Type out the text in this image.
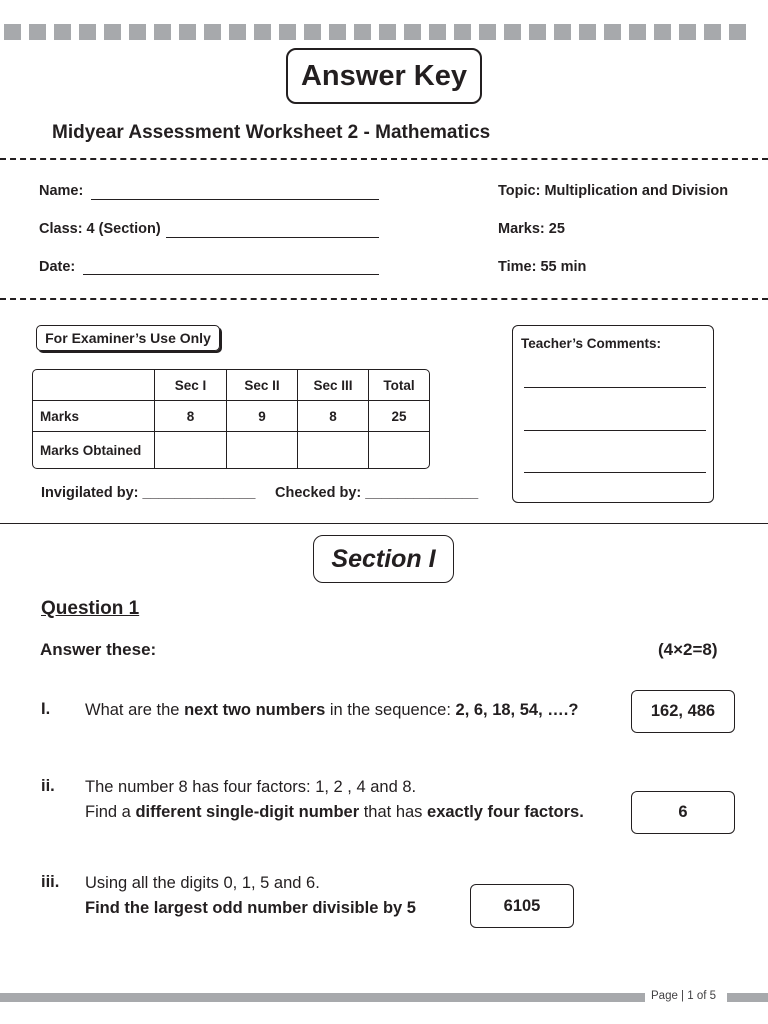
Answer Key
Midyear Assessment Worksheet 2 - Mathematics
Name:
Class: 4 (Section)
Date:
Topic: Multiplication and Division
Marks: 25
Time: 55 min
For Examiner’s Use Only
	Sec I	Sec II	Sec III	Total
Marks	8	9	8	25
Marks Obtained				
Invigilated by: ______________ Checked by: ______________
Teacher’s Comments:
Section I
Question 1
Answer these:	(4×2=8)
I. What are the next two numbers in the sequence: 2, 6, 18, 54, ….?	162, 486
ii. The number 8 has four factors: 1, 2 , 4 and 8.
Find a different single-digit number that has exactly four factors.	6
iii. Using all the digits 0, 1, 5 and 6.
Find the largest odd number divisible by 5	6105
Page | 1 of 5
